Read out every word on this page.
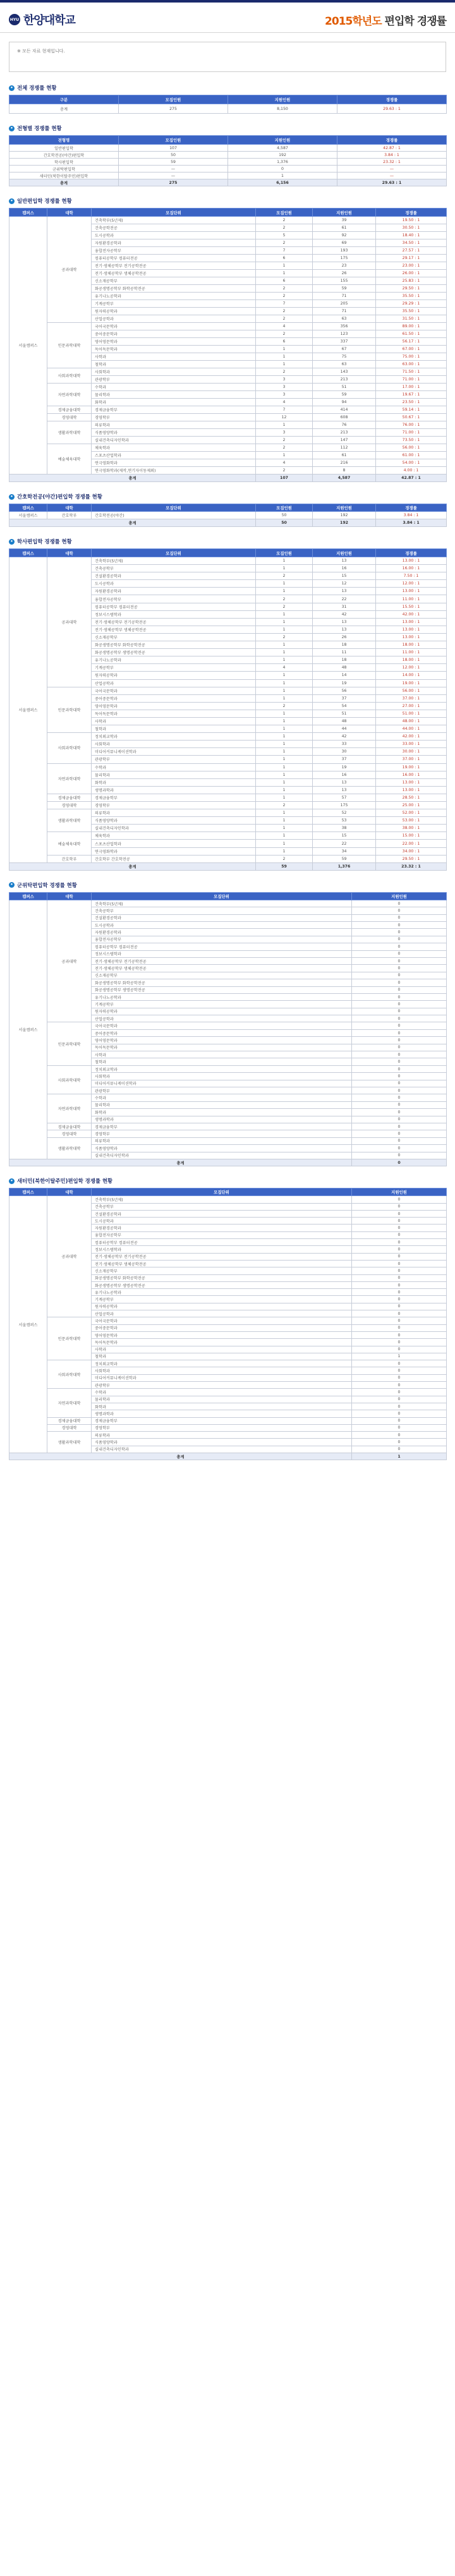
HYU 한양대학교	2015학년도 편입학 경쟁률
※ 모든 자료 현재입니다.
• 전체 경쟁률 현황
구분	모집인원	지원인원	경쟁률
총계	275	8,150	29.63 : 1
• 전형별 경쟁률 현황
전형명	모집인원	지원인원	경쟁률
일반편입학	107	4,587	42.87 : 1
간호학전공(야간)편입학	50	192	3.84 : 1
학사편입학	59	1,376	23.32 : 1
군위탁편입학	—	0	—
새터민(북한이탈주민)편입학	—	1	—
총계	275	6,156	29.63 : 1
• 일반편입학 경쟁률 현황
캠퍼스	대학	모집단위	모집인원	지원인원	경쟁률
서울캠퍼스	공과대학	건축학부(5년제)	2	39	19.50 : 1
		건축공학전공	2	61	30.50 : 1
		도시공학과	5	92	18.40 : 1
		자원환경공학과	2	69	34.50 : 1
		융합전자공학부	7	193	27.57 : 1
		컴퓨터공학부 컴퓨터전공	6	175	29.17 : 1
		전기·생체공학부 전기공학전공	1	23	23.00 : 1
		전기·생체공학부 생체공학전공	1	26	26.00 : 1
		신소재공학부	6	155	25.83 : 1
		화공생명공학부 화학공학전공	2	59	29.50 : 1
		유기나노공학과	2	71	35.50 : 1
		기계공학부	7	205	29.29 : 1
		원자력공학과	2	71	35.50 : 1
		산업공학과	2	63	31.50 : 1
	인문과학대학	국어국문학과	4	356	89.00 : 1
		중어중문학과	2	123	61.50 : 1
		영어영문학과	6	337	56.17 : 1
		독어독문학과	1	67	67.00 : 1
		사학과	1	75	75.00 : 1
		철학과	1	63	63.00 : 1
	사회과학대학	사회학과	2	143	71.50 : 1
		관광학부	3	213	71.00 : 1
	자연과학대학	수학과	3	51	17.00 : 1
		물리학과	3	59	19.67 : 1
		화학과	4	94	23.50 : 1
	경제금융대학	경제금융학부	7	414	59.14 : 1
	경영대학	경영학부	12	608	50.67 : 1
	생활과학대학	의류학과	1	76	76.00 : 1
		식품영양학과	3	213	71.00 : 1
		실내건축디자인학과	2	147	73.50 : 1
	예술체육대학	체육학과	2	112	56.00 : 1
		스포츠산업학과	1	61	61.00 : 1
		연극영화학과	4	216	54.00 : 1
		연극영화학과(제작,연기자이동제외)	2	8	4.00 : 1
총계			107	4,587	42.87 : 1
• 간호학전공(야간)편입학 경쟁률 현황
캠퍼스	대학	모집단위	모집인원	지원인원	경쟁률
서울캠퍼스	간호학부	간호학전공(야간)	50	192	3.84 : 1
총계			50	192	3.84 : 1
• 학사편입학 경쟁률 현황
캠퍼스	대학	모집단위	모집인원	지원인원	경쟁률
서울캠퍼스	공과대학	건축학부(5년제)	1	13	13.00 : 1
		건축공학부	1	16	16.00 : 1
		건설환경공학과	2	15	7.50 : 1
		도시공학과	1	12	12.00 : 1
		자원환경공학과	1	13	13.00 : 1
		융합전자공학부	2	22	11.00 : 1
		컴퓨터공학부 컴퓨터전공	2	31	15.50 : 1
		정보시스템학과	1	42	42.00 : 1
		전기·생체공학부 전기공학전공	1	13	13.00 : 1
		전기·생체공학부 생체공학전공	1	13	13.00 : 1
		신소재공학부	2	26	13.00 : 1
		화공생명공학부 화학공학전공	1	18	18.00 : 1
		화공생명공학부 생명공학전공	1	11	11.00 : 1
		유기나노공학과	1	18	18.00 : 1
		기계공학부	4	48	12.00 : 1
		원자력공학과	1	14	14.00 : 1
		산업공학과	1	19	19.00 : 1
	인문과학대학	국어국문학과	1	56	56.00 : 1
		중어중문학과	1	37	37.00 : 1
		영어영문학과	2	54	27.00 : 1
		독어독문학과	1	51	51.00 : 1
		사학과	1	48	48.00 : 1
		철학과	1	44	44.00 : 1
	사회과학대학	정치외교학과	1	42	42.00 : 1
		사회학과	1	33	33.00 : 1
		미디어커뮤니케이션학과	1	30	30.00 : 1
		관광학부	1	37	37.00 : 1
	자연과학대학	수학과	1	19	19.00 : 1
		물리학과	1	16	16.00 : 1
		화학과	1	13	13.00 : 1
		생명과학과	1	13	13.00 : 1
	경제금융대학	경제금융학부	1	57	28.50 : 1
	경영대학	경영학부	2	175	25.00 : 1
	생활과학대학	의류학과	1	52	52.00 : 1
		식품영양학과	1	53	53.00 : 1
		실내건축디자인학과	1	38	38.00 : 1
	예술체육대학	체육학과	1	15	15.00 : 1
		스포츠산업학과	1	22	22.00 : 1
		연극영화학과	1	34	34.00 : 1
	간호학부	간호학부 간호학전공	2	59	29.50 : 1
총계			59	1,376	23.32 : 1
• 군위탁편입학 경쟁률 현황
캠퍼스	대학	모집단위	지원인원
서울캠퍼스	공과대학	건축학부(5년제)	0
		건축공학부	0
		건설환경공학과	0
		도시공학과	0
		자원환경공학과	0
		융합전자공학부	0
		컴퓨터공학부 컴퓨터전공	0
		정보시스템학과	0
		전기·생체공학부 전기공학전공	0
		전기·생체공학부 생체공학전공	0
		신소재공학부	0
		화공생명공학부 화학공학전공	0
		화공생명공학부 생명공학전공	0
		유기나노공학과	0
		기계공학부	0
		원자력공학과	0
		산업공학과	0
	인문과학대학	국어국문학과	0
		중어중문학과	0
		영어영문학과	0
		독어독문학과	0
		사학과	0
		철학과	0
	사회과학대학	정치외교학과	0
		사회학과	0
		미디어커뮤니케이션학과	0
		관광학부	0
	자연과학대학	수학과	0
		물리학과	0
		화학과	0
		생명과학과	0
	경제금융대학	경제금융학부	0
	경영대학	경영학부	0
	생활과학대학	의류학과	0
		식품영양학과	0
		실내건축디자인학과	0
총계			0
• 새터민(북한이탈주민)편입학 경쟁률 현황
캠퍼스	대학	모집단위	지원인원
서울캠퍼스	공과대학	건축학부(5년제)	0
		건축공학부	0
		건설환경공학과	0
		도시공학과	0
		자원환경공학과	0
		융합전자공학부	0
		컴퓨터공학부 컴퓨터전공	0
		정보시스템학과	0
		전기·생체공학부 전기공학전공	0
		전기·생체공학부 생체공학전공	0
		신소재공학부	0
		화공생명공학부 화학공학전공	0
		화공생명공학부 생명공학전공	0
		유기나노공학과	0
		기계공학부	0
		원자력공학과	0
		산업공학과	0
	인문과학대학	국어국문학과	0
		중어중문학과	0
		영어영문학과	0
		독어독문학과	0
		사학과	0
		철학과	1
	사회과학대학	정치외교학과	0
		사회학과	0
		미디어커뮤니케이션학과	0
		관광학부	0
	자연과학대학	수학과	0
		물리학과	0
		화학과	0
		생명과학과	0
	경제금융대학	경제금융학부	0
	경영대학	경영학부	0
	생활과학대학	의류학과	0
		식품영양학과	0
		실내건축디자인학과	0
총계			1
